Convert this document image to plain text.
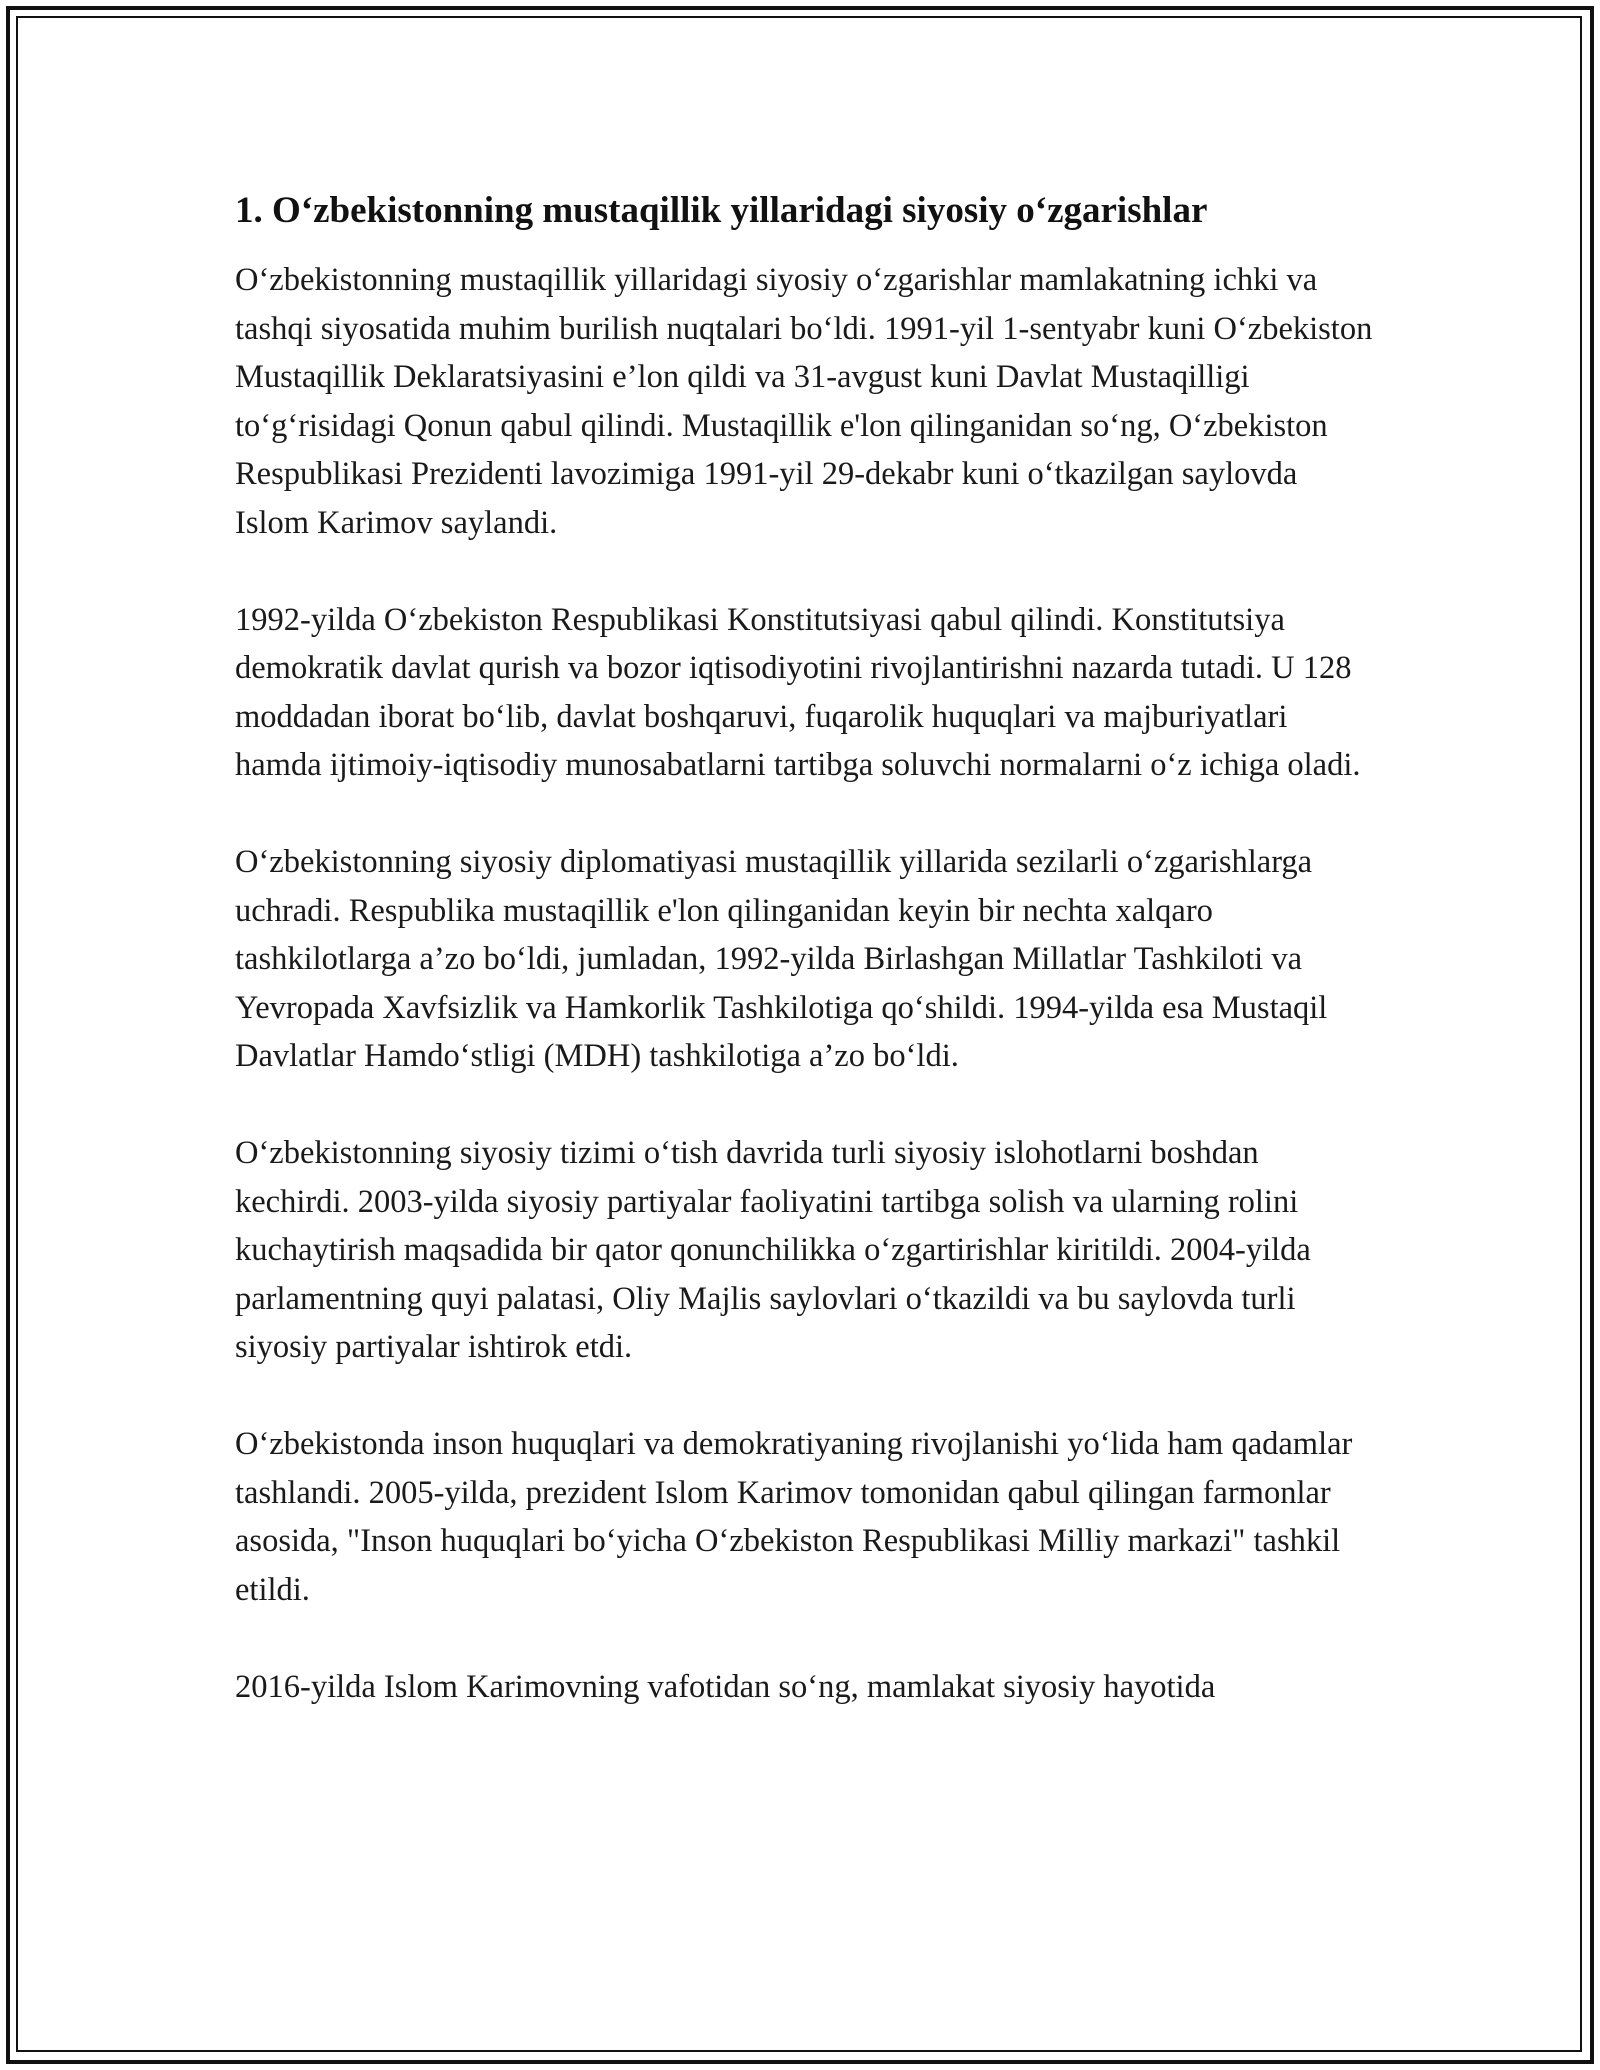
1. O‘zbekistonning mustaqillik yillaridagi siyosiy o‘zgarishlar

O‘zbekistonning mustaqillik yillaridagi siyosiy o‘zgarishlar mamlakatning ichki va tashqi siyosatida muhim burilish nuqtalari bo‘ldi. 1991-yil 1-sentyabr kuni O‘zbekiston Mustaqillik Deklaratsiyasini e’lon qildi va 31-avgust kuni Davlat Mustaqilligi to‘g‘risidagi Qonun qabul qilindi. Mustaqillik e'lon qilinganidan so‘ng, O‘zbekiston Respublikasi Prezidenti lavozimiga 1991-yil 29-dekabr kuni o‘tkazilgan saylovda Islom Karimov saylandi.

1992-yilda O‘zbekiston Respublikasi Konstitutsiyasi qabul qilindi. Konstitutsiya demokratik davlat qurish va bozor iqtisodiyotini rivojlantirishni nazarda tutadi. U 128 moddadan iborat bo‘lib, davlat boshqaruvi, fuqarolik huquqlari va majburiyatlari hamda ijtimoiy-iqtisodiy munosabatlarni tartibga soluvchi normalarni o‘z ichiga oladi.

O‘zbekistonning siyosiy diplomatiyasi mustaqillik yillarida sezilarli o‘zgarishlarga uchradi. Respublika mustaqillik e'lon qilinganidan keyin bir nechta xalqaro tashkilotlarga a’zo bo‘ldi, jumladan, 1992-yilda Birlashgan Millatlar Tashkiloti va Yevropada Xavfsizlik va Hamkorlik Tashkilotiga qo‘shildi. 1994-yilda esa Mustaqil Davlatlar Hamdo‘stligi (MDH) tashkilotiga a’zo bo‘ldi.

O‘zbekistonning siyosiy tizimi o‘tish davrida turli siyosiy islohotlarni boshdan kechirdi. 2003-yilda siyosiy partiyalar faoliyatini tartibga solish va ularning rolini kuchaytirish maqsadida bir qator qonunchilikka o‘zgartirishlar kiritildi. 2004-yilda parlamentning quyi palatasi, Oliy Majlis saylovlari o‘tkazildi va bu saylovda turli siyosiy partiyalar ishtirok etdi.

O‘zbekistonda inson huquqlari va demokratiyaning rivojlanishi yo‘lida ham qadamlar tashlandi. 2005-yilda, prezident Islom Karimov tomonidan qabul qilingan farmonlar asosida, "Inson huquqlari bo‘yicha O‘zbekiston Respublikasi Milliy markazi" tashkil etildi.

2016-yilda Islom Karimovning vafotidan so‘ng, mamlakat siyosiy hayotida
